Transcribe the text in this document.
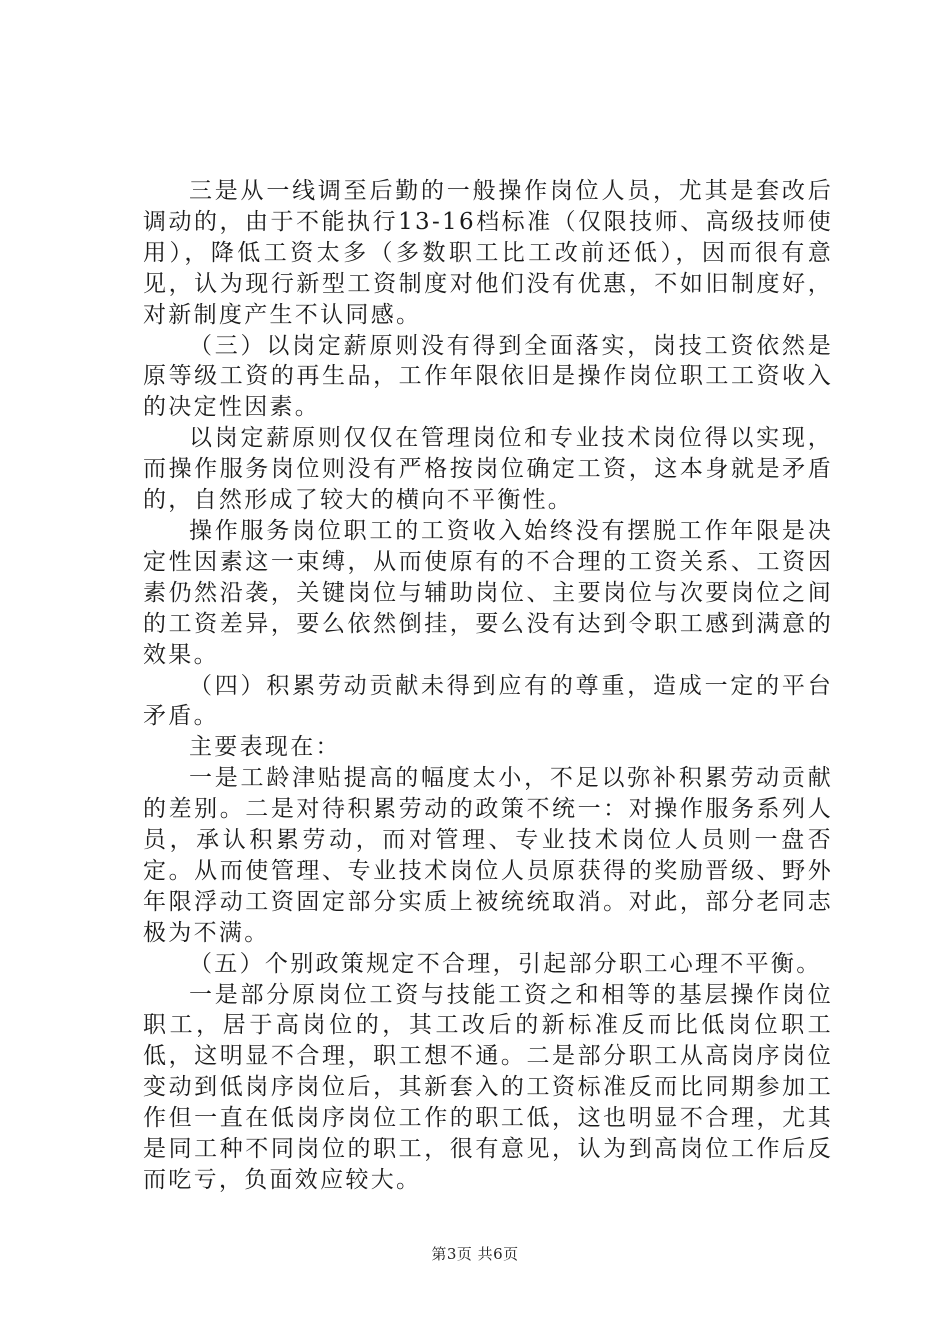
三是从一线调至后勤的一般操作岗位人员，尤其是套改后调动的，由于不能执行13-16档标准（仅限技师、高级技师使用），降低工资太多（多数职工比工改前还低），因而很有意见，认为现行新型工资制度对他们没有优惠，不如旧制度好，对新制度产生不认同感。

（三）以岗定薪原则没有得到全面落实，岗技工资依然是原等级工资的再生品，工作年限依旧是操作岗位职工工资收入的决定性因素。

以岗定薪原则仅仅在管理岗位和专业技术岗位得以实现，而操作服务岗位则没有严格按岗位确定工资，这本身就是矛盾的，自然形成了较大的横向不平衡性。

操作服务岗位职工的工资收入始终没有摆脱工作年限是决定性因素这一束缚，从而使原有的不合理的工资关系、工资因素仍然沿袭，关键岗位与辅助岗位、主要岗位与次要岗位之间的工资差异，要么依然倒挂，要么没有达到令职工感到满意的效果。

（四）积累劳动贡献未得到应有的尊重，造成一定的平台矛盾。

主要表现在：

一是工龄津贴提高的幅度太小，不足以弥补积累劳动贡献的差别。二是对待积累劳动的政策不统一：对操作服务系列人员，承认积累劳动，而对管理、专业技术岗位人员则一盘否定。从而使管理、专业技术岗位人员原获得的奖励晋级、野外年限浮动工资固定部分实质上被统统取消。对此，部分老同志极为不满。

（五）个别政策规定不合理，引起部分职工心理不平衡。

一是部分原岗位工资与技能工资之和相等的基层操作岗位职工，居于高岗位的，其工改后的新标准反而比低岗位职工低，这明显不合理，职工想不通。二是部分职工从高岗序岗位变动到低岗序岗位后，其新套入的工资标准反而比同期参加工作但一直在低岗序岗位工作的职工低，这也明显不合理，尤其是同工种不同岗位的职工，很有意见，认为到高岗位工作后反而吃亏，负面效应较大。

第3页 共6页
